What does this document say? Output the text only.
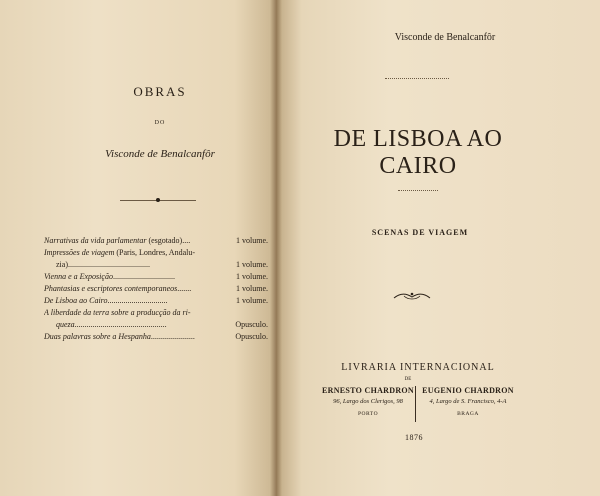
OBRAS
DO
Visconde de Benalcanfôr
Narrativas da vida parlamentar (esgotado)....	1 volume.
Impressões de viagem (Paris, Londres, Andalu-
zia).........................................	1 volume.
Vienna e a Exposição...............................	1 volume.
Phantasias e escriptores contemporaneos.......	1 volume.
De Lisboa ao Cairo..............................	1 volume.
A liberdade da terra sobre a producção da ri-
queza..............................................	Opusculo.
Duas palavras sobre a Hespanha......................	Opusculo.
Visconde de Benalcanfôr
DE LISBOA AO CAIRO
SCENAS DE VIAGEM
LIVRARIA INTERNACIONAL
DE
ERNESTO CHARDRON
96, Largo dos Clerigos, 98
PORTO
EUGENIO CHARDRON
4, Largo de S. Francisco, 4-A
BRAGA
1876
